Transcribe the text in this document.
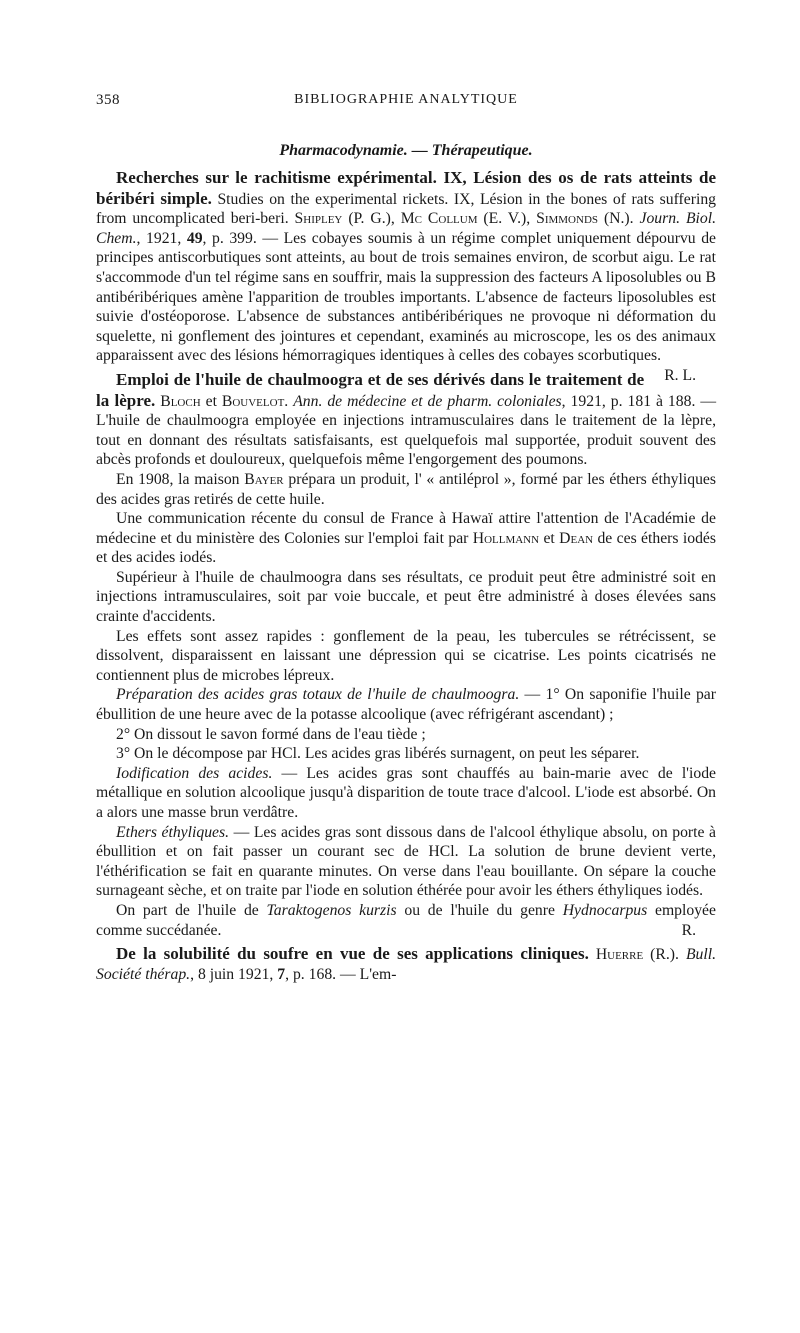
358	BIBLIOGRAPHIE ANALYTIQUE
Pharmacodynamie. — Thérapeutique.

Recherches sur le rachitisme expérimental. IX, Lésion des os de rats atteints de béribéri simple. Studies on the experimental rickets. IX, Lésion in the bones of rats suffering from uncomplicated beri-beri. Shipley (P. G.), Mc Collum (E. V.), Simmonds (N.). Journ. Biol. Chem., 1921, 49, p. 399. — Les cobayes soumis à un régime complet uniquement dépourvu de principes antiscorbutiques sont atteints, au bout de trois semaines environ, de scorbut aigu. Le rat s'accommode d'un tel régime sans en souffrir, mais la suppression des facteurs A liposolubles ou B antibéribériques amène l'apparition de troubles importants. L'absence de facteurs liposolubles est suivie d'ostéoporose. L'absence de substances antibéribériques ne provoque ni déformation du squelette, ni gonflement des jointures et cependant, examinés au microscope, les os des animaux apparaissent avec des lésions hémorragiques identiques à celles des cobayes scorbutiques.
R. L.

Emploi de l'huile de chaulmoogra et de ses dérivés dans le traitement de la lèpre. Bloch et Bouvelot. Ann. de médecine et de pharm. coloniales, 1921, p. 181 à 188. — L'huile de chaulmoogra employée en injections intramusculaires dans le traitement de la lèpre, tout en donnant des résultats satisfaisants, est quelquefois mal supportée, produit souvent des abcès profonds et douloureux, quelquefois même l'engorgement des poumons.

En 1908, la maison Bayer prépara un produit, l' « antiléprol », formé par les éthers éthyliques des acides gras retirés de cette huile.

Une communication récente du consul de France à Hawaï attire l'attention de l'Académie de médecine et du ministère des Colonies sur l'emploi fait par Hollmann et Dean de ces éthers iodés et des acides iodés.

Supérieur à l'huile de chaulmoogra dans ses résultats, ce produit peut être administré soit en injections intramusculaires, soit par voie buccale, et peut être administré à doses élevées sans crainte d'accidents.

Les effets sont assez rapides : gonflement de la peau, les tubercules se rétrécissent, se dissolvent, disparaissent en laissant une dépression qui se cicatrise. Les points cicatrisés ne contiennent plus de microbes lépreux.

Préparation des acides gras totaux de l'huile de chaulmoogra. — 1° On saponifie l'huile par ébullition de une heure avec de la potasse alcoolique (avec réfrigérant ascendant) ;

2° On dissout le savon formé dans de l'eau tiède ;

3° On le décompose par HCl. Les acides gras libérés surnagent, on peut les séparer.

Iodification des acides. — Les acides gras sont chauffés au bain-marie avec de l'iode métallique en solution alcoolique jusqu'à disparition de toute trace d'alcool. L'iode est absorbé. On a alors une masse brun verdâtre.

Ethers éthyliques. — Les acides gras sont dissous dans de l'alcool éthylique absolu, on porte à ébullition et on fait passer un courant sec de HCl. La solution de brune devient verte, l'éthérification se fait en quarante minutes. On verse dans l'eau bouillante. On sépare la couche surnageant sèche, et on traite par l'iode en solution éthérée pour avoir les éthers éthyliques iodés.

On part de l'huile de Taraktogenos kurzis ou de l'huile du genre Hydnocarpus employée comme succédanée.	R.

De la solubilité du soufre en vue de ses applications cliniques. Huerre (R.). Bull. Société thérap., 8 juin 1921, 7, p. 168. — L'em-
